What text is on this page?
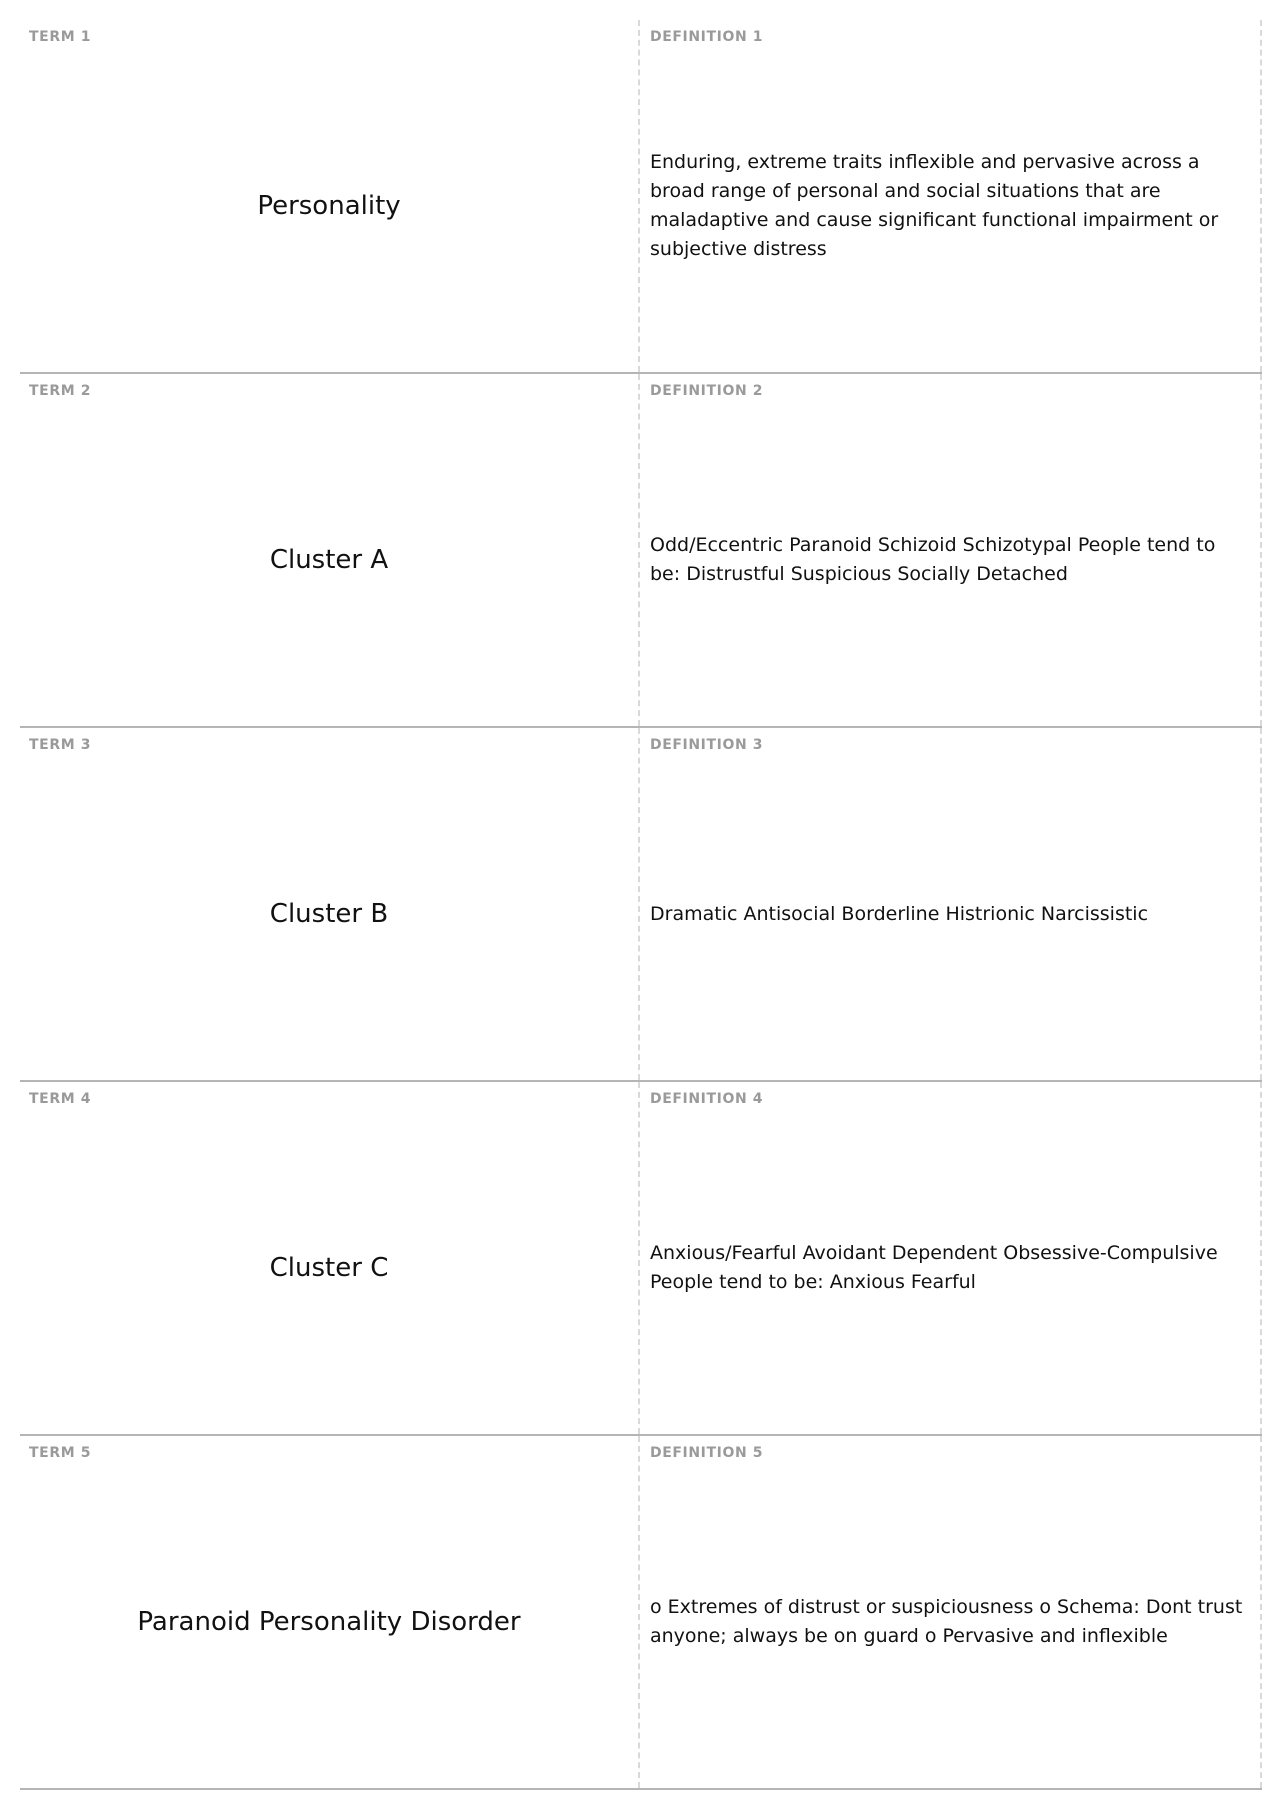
TERM 1
Personality
DEFINITION 1
Enduring, extreme traits inflexible and pervasive across a broad range of personal and social situations that are maladaptive and cause significant functional impairment or subjective distress
TERM 2
Cluster A
DEFINITION 2
Odd/Eccentric Paranoid Schizoid Schizotypal People tend to be: Distrustful Suspicious Socially Detached
TERM 3
Cluster B
DEFINITION 3
Dramatic Antisocial Borderline Histrionic Narcissistic
TERM 4
Cluster C
DEFINITION 4
Anxious/Fearful Avoidant Dependent Obsessive-Compulsive People tend to be: Anxious Fearful
TERM 5
Paranoid Personality Disorder
DEFINITION 5
o Extremes of distrust or suspiciousness o Schema: Dont trust anyone; always be on guard o Pervasive and inflexible
